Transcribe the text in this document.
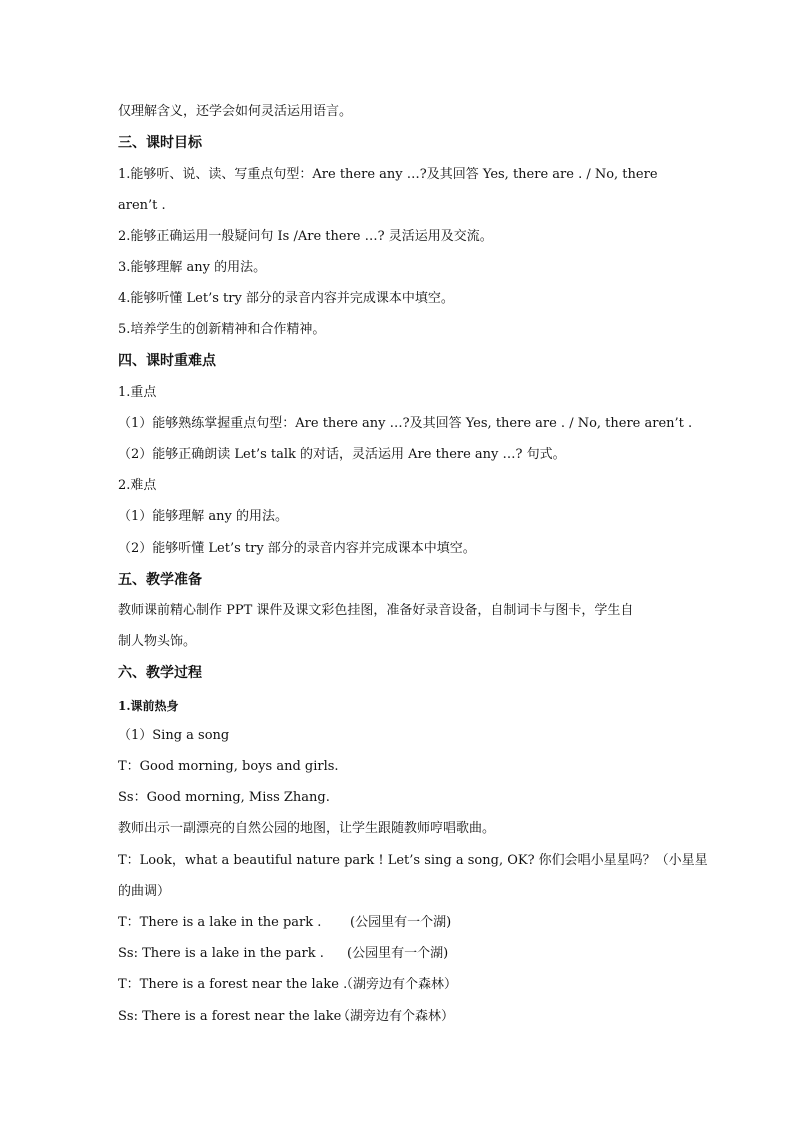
仅理解含义，还学会如何灵活运用语言。
三、课时目标
1.能够听、说、读、写重点句型：Are there any …?及其回答 Yes, there are . / No, there
aren’t .
2.能够正确运用一般疑问句 Is /Are there …? 灵活运用及交流。
3.能够理解 any 的用法。
4.能够听懂 Let’s try 部分的录音内容并完成课本中填空。
5.培养学生的创新精神和合作精神。
四、课时重难点
1.重点
（1）能够熟练掌握重点句型：Are there any …?及其回答 Yes, there are . / No, there aren’t .
（2）能够正确朗读 Let’s talk 的对话，灵活运用 Are there any …? 句式。
2.难点
（1）能够理解 any 的用法。
（2）能够听懂 Let’s try 部分的录音内容并完成课本中填空。
五、教学准备
教师课前精心制作 PPT 课件及课文彩色挂图，准备好录音设备，自制词卡与图卡，学生自
制人物头饰。
六、教学过程
1.课前热身
（1）Sing a song
T：Good morning, boys and girls.
Ss：Good morning, Miss Zhang.
教师出示一副漂亮的自然公园的地图，让学生跟随教师哼唱歌曲。
T：Look，what a beautiful nature park ! Let’s sing a song, OK? 你们会唱小星星吗？（小星星
的曲调）
T：There is a lake in the park . (公园里有一个湖)
Ss: There is a lake in the park . (公园里有一个湖)
T：There is a forest near the lake .
（湖旁边有个森林）
Ss: There is a forest near the lake .
（湖旁边有个森林）
